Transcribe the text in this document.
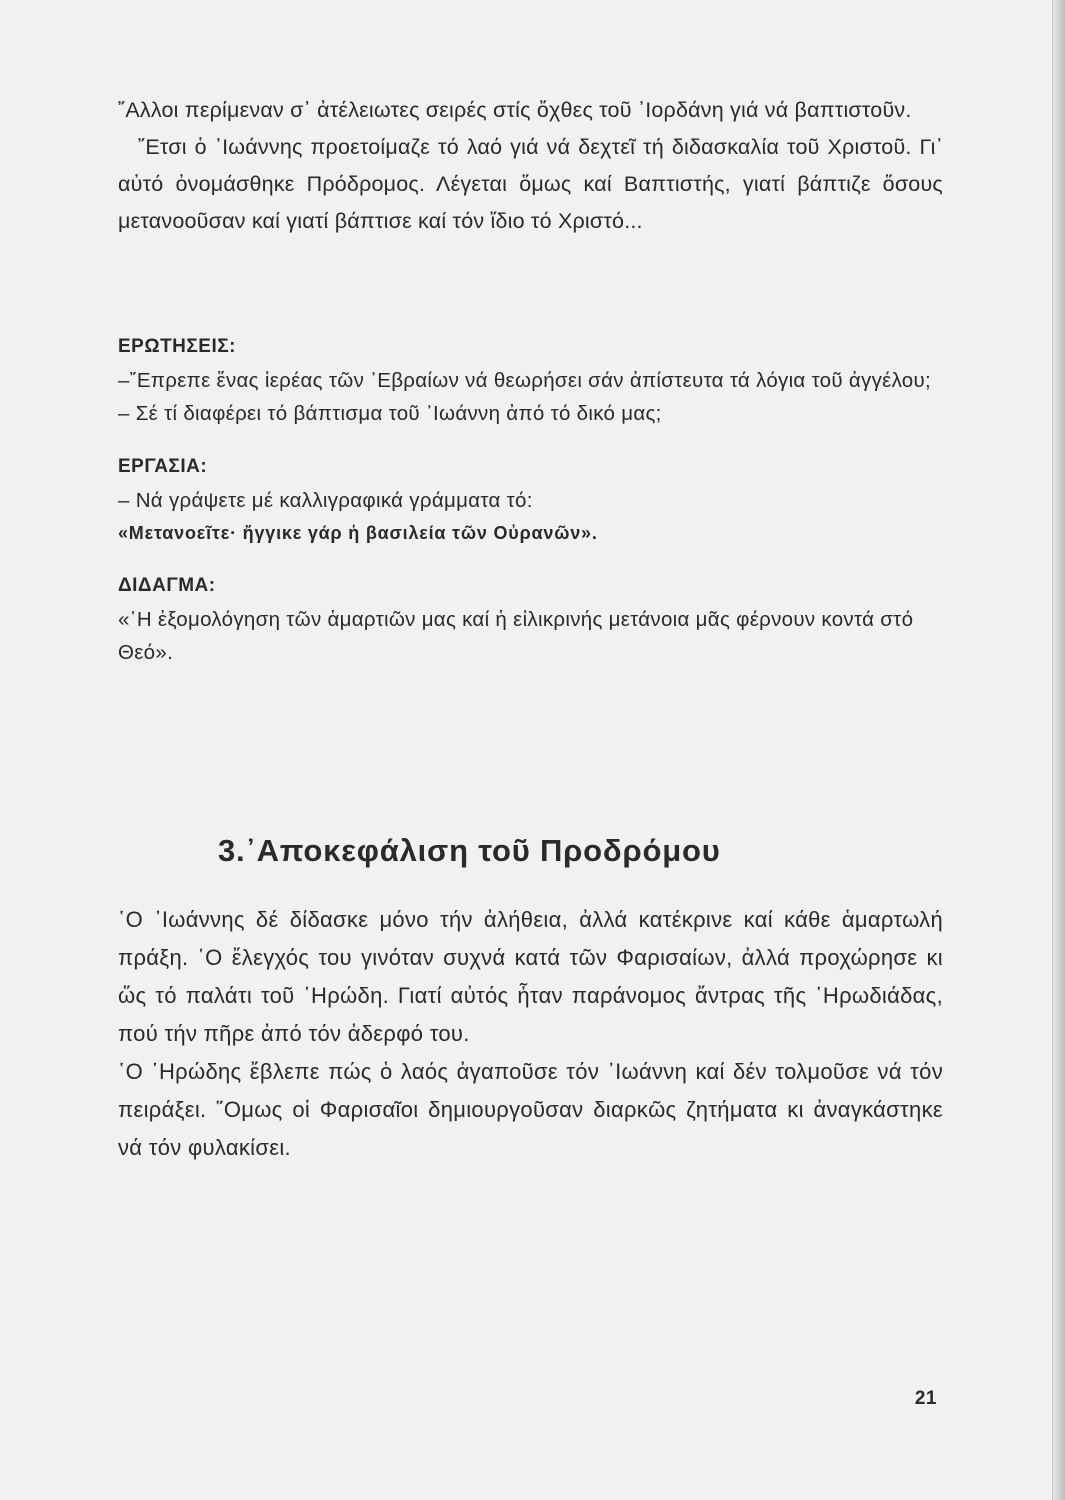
῎Αλλοι περίμεναν σ᾿ ἀτέλειωτες σειρές στίς ὄχθες τοῦ ᾿Ιορδάνη γιά νά βαπτιστοῦν.

῎Ετσι ὁ ᾿Ιωάννης προετοίμαζε τό λαό γιά νά δεχτεῖ τή διδασκαλία τοῦ Χριστοῦ. Γι᾿ αὐτό ὀνομάσθηκε Πρόδρομος. Λέγεται ὅμως καί Βαπτιστής, γιατί βάπτιζε ὅσους μετανοοῦσαν καί γιατί βάπτισε καί τόν ἴδιο τό Χριστό...

ΕΡΩΤΗΣΕΙΣ:

–῎Επρεπε ἕνας ἱερέας τῶν ᾿Εβραίων νά θεωρήσει σάν ἀπίστευτα τά λόγια τοῦ ἀγγέλου;

– Σέ τί διαφέρει τό βάπτισμα τοῦ ᾿Ιωάννη ἀπό τό δικό μας;

ΕΡΓΑΣΙΑ:

– Νά γράψετε μέ καλλιγραφικά γράμματα τό:

«Μετανοεῖτε· ἤγγικε γάρ ἡ βασιλεία τῶν Οὐρανῶν».

ΔΙΔΑΓΜΑ:

«῾Η ἐξομολόγηση τῶν ἁμαρτιῶν μας καί ἡ εἰλικρινής μετάνοια μᾶς φέρνουν κοντά στό Θεό».

3.᾿Αποκεφάλιση τοῦ Προδρόμου

῾Ο ᾿Ιωάννης δέ δίδασκε μόνο τήν ἀλήθεια, ἀλλά κατέκρινε καί κάθε ἁμαρτωλή πράξη. ῾Ο ἔλεγχός του γινόταν συχνά κατά τῶν Φαρισαίων, ἀλλά προχώρησε κι ὥς τό παλάτι τοῦ ῾Ηρώδη. Γιατί αὐτός ἦταν παράνομος ἄντρας τῆς ῾Ηρωδιάδας, πού τήν πῆρε ἀπό τόν ἀδερφό του.

῾Ο ῾Ηρώδης ἔβλεπε πώς ὁ λαός ἀγαποῦσε τόν ᾿Ιωάννη καί δέν τολμοῦσε νά τόν πειράξει. ῞Ομως οἱ Φαρισαῖοι δημιουργοῦσαν διαρκῶς ζητήματα κι ἀναγκάστηκε νά τόν φυλακίσει.

21
